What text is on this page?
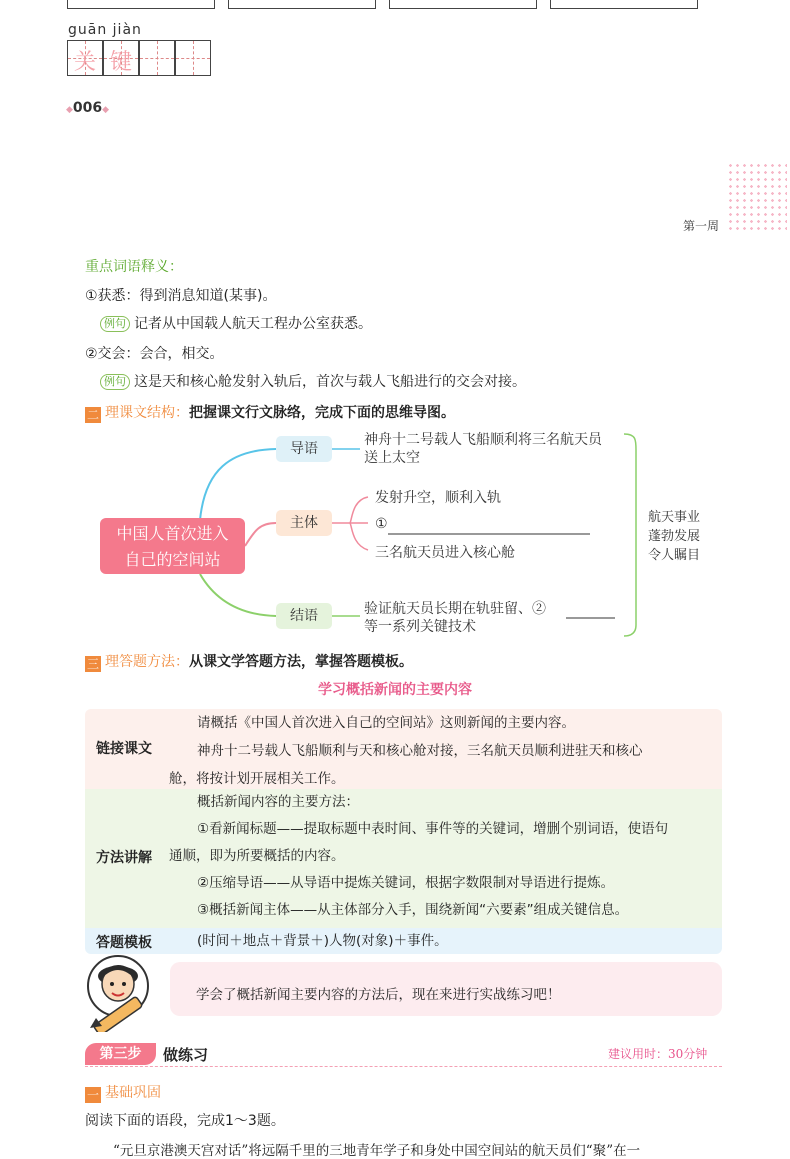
guān jiàn
关 键
◆006◆
第一周
重点词语释义：
①获悉：得到消息知道(某事)。
例句 记者从中国载人航天工程办公室获悉。
②交会：会合，相交。
例句 这是天和核心舱发射入轨后，首次与载人飞船进行的交会对接。
二 理课文结构：把握课文行文脉络，完成下面的思维导图。
中国人首次进入
自己的空间站
导语
主体
结语
神舟十二号载人飞船顺利将三名航天员
送上太空
发射升空，顺利入轨
①
三名航天员进入核心舱
验证航天员长期在轨驻留、②
等一系列关键技术
航天事业
蓬勃发展
令人瞩目
三 理答题方法：从课文学答题方法，掌握答题模板。
学习概括新闻的主要内容
链接课文

请概括《中国人首次进入自己的空间站》这则新闻的主要内容。

神舟十二号载人飞船顺利与天和核心舱对接，三名航天员顺利进驻天和核心

舱，将按计划开展相关工作。

方法讲解

概括新闻内容的主要方法：

①看新闻标题——提取标题中表时间、事件等的关键词，增删个别词语，使语句

通顺，即为所要概括的内容。

②压缩导语——从导语中提炼关键词，根据字数限制对导语进行提炼。

③概括新闻主体——从主体部分入手，围绕新闻“六要素”组成关键信息。

答题模板	(时间＋地点＋背景＋)人物(对象)＋事件。

学会了概括新闻主要内容的方法后，现在来进行实战练习吧！
第三步	做练习	建议用时：30分钟
一 基础巩固
阅读下面的语段，完成1～3题。
“元旦京港澳天宫对话”将远隔千里的三地青年学子和身处中国空间站的航天员们“聚”在一
